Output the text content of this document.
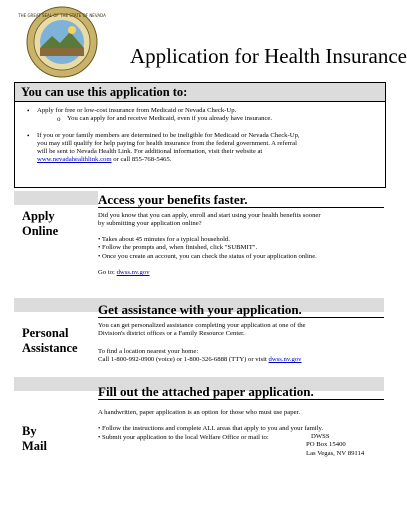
THE GREAT SEAL OF THE STATE OF NEVADA
Application for Health Insurance
You can use this application to:
• Apply for free or low-cost insurance from Medicaid or Nevada Check-Up.
o You can apply for and receive Medicaid, even if you already have insurance.
• If you or your family members are determined to be ineligible for Medicaid or Nevada Check-Up,
you may still qualify for help paying for health insurance from the federal government. A referral
will be sent to Nevada Health Link. For additional information, visit their website at
www.nevadahealthlink.com or call 855-768-5465.
Access your benefits faster.
Apply
Online
Did you know that you can apply, enroll and start using your health benefits sooner
by submitting your application online?
• Takes about 45 minutes for a typical household.
• Follow the prompts and, when finished, click "SUBMIT".
• Once you create an account, you can check the status of your application online.
Go to: dwss.nv.gov
Get assistance with your application.
Personal
Assistance
You can get personalized assistance completing your application at one of the
Division's district offices or a Family Resource Center.
To find a location nearest your home:
Call 1-800-992-0900 (voice) or 1-800-326-6888 (TTY) or visit dwss.nv.gov
Fill out the attached paper application.
By
Mail
A handwritten, paper application is an option for those who must use paper.
• Follow the instructions and complete ALL areas that apply to you and your family.
• Submit your application to the local Welfare Office or mail to:	DWSS
PO Box 15400
Las Vegas, NV 89114
